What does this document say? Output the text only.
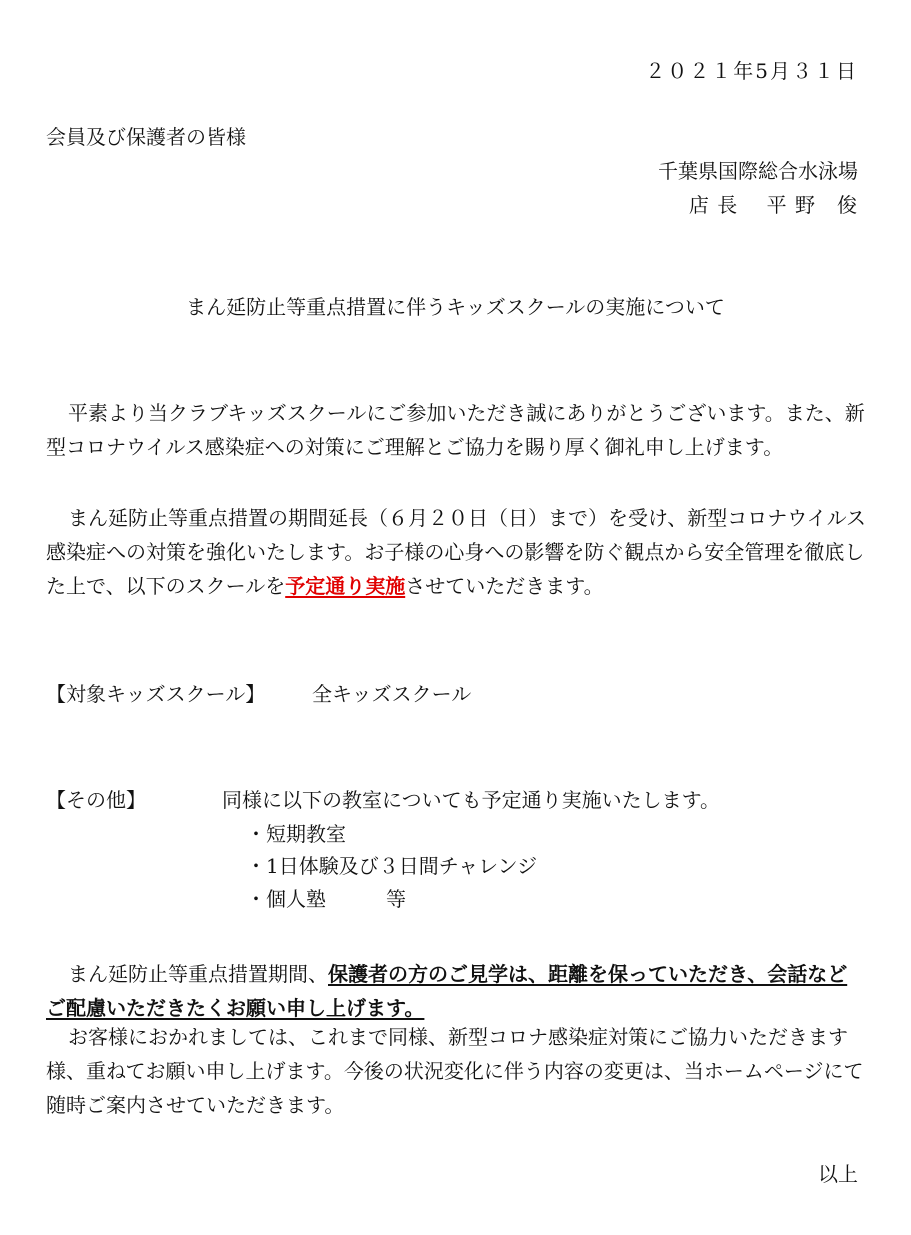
２０２１年5月３１日
会員及び保護者の皆様
千葉県国際総合水泳場
店 長　 平 野　俊
まん延防止等重点措置に伴うキッズスクールの実施について
平素より当クラブキッズスクールにご参加いただき誠にありがとうございます。また、新型コロナウイルス感染症への対策にご理解とご協力を賜り厚く御礼申し上げます。
まん延防止等重点措置の期間延長（６月２０日（日）まで）を受け、新型コロナウイルス感染症への対策を強化いたします。お子様の心身への影響を防ぐ観点から安全管理を徹底した上で、以下のスクールを予定通り実施させていただきます。
【対象キッズスクール】 全キッズスクール
【その他】	同様に以下の教室についても予定通り実施いたします。
・短期教室
・1日体験及び３日間チャレンジ
・個人塾　　　等
まん延防止等重点措置期間、保護者の方のご見学は、距離を保っていただき、会話などご配慮いただきたくお願い申し上げます。
お客様におかれましては、これまで同様、新型コロナ感染症対策にご協力いただきます様、重ねてお願い申し上げます。今後の状況変化に伴う内容の変更は、当ホームページにて随時ご案内させていただきます。
以上
